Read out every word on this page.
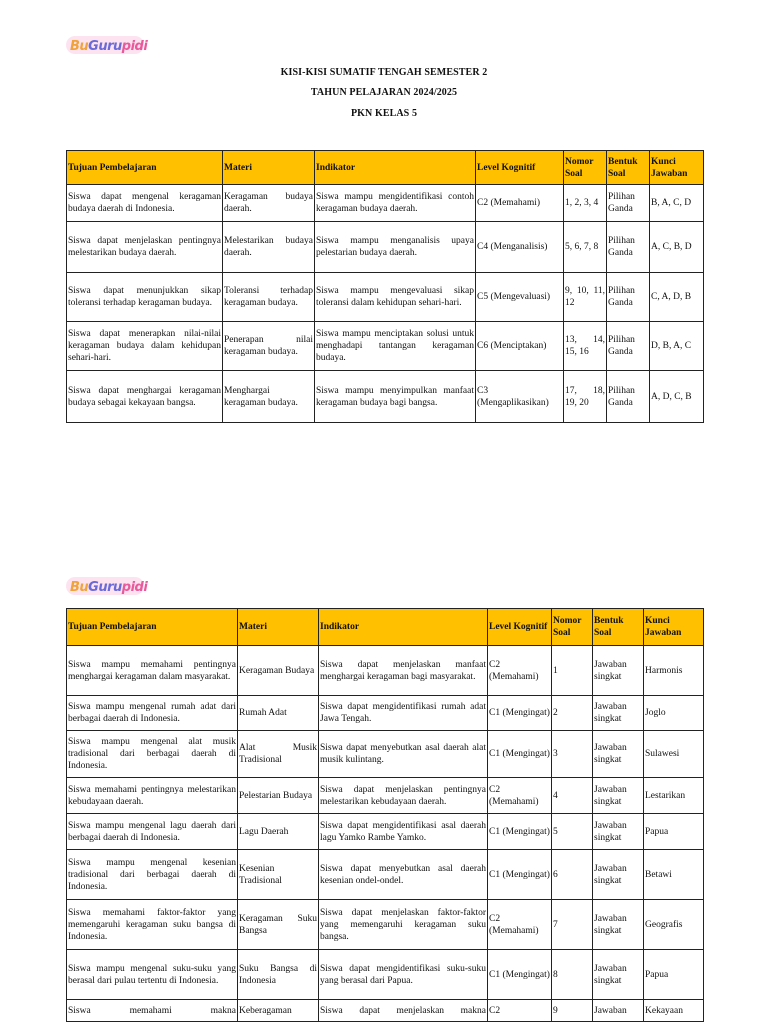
BuGurupidi
KISI-KISI SUMATIF TENGAH SEMESTER 2
TAHUN PELAJARAN 2024/2025
PKN KELAS 5
Tujuan Pembelajaran	Materi	Indikator	Level Kognitif	Nomor Soal	Bentuk Soal	Kunci Jawaban
Siswa dapat mengenal keragaman budaya daerah di Indonesia.	Keragaman budaya daerah.	Siswa mampu mengidentifikasi contoh keragaman budaya daerah.	C2 (Memahami)	1, 2, 3, 4	Pilihan Ganda	B, A, C, D
Siswa dapat menjelaskan pentingnya melestarikan budaya daerah.	Melestarikan budaya daerah.	Siswa mampu menganalisis upaya pelestarian budaya daerah.	C4 (Menganalisis)	5, 6, 7, 8	Pilihan Ganda	A, C, B, D
Siswa dapat menunjukkan sikap toleransi terhadap keragaman budaya.	Toleransi terhadap keragaman budaya.	Siswa mampu mengevaluasi sikap toleransi dalam kehidupan sehari-hari.	C5 (Mengevaluasi)	9, 10, 11, 12	Pilihan Ganda	C, A, D, B
Siswa dapat menerapkan nilai-nilai keragaman budaya dalam kehidupan sehari-hari.	Penerapan nilai keragaman budaya.	Siswa mampu menciptakan solusi untuk menghadapi tantangan keragaman budaya.	C6 (Menciptakan)	13, 14, 15, 16	Pilihan Ganda	D, B, A, C
Siswa dapat menghargai keragaman budaya sebagai kekayaan bangsa.	Menghargai keragaman budaya.	Siswa mampu menyimpulkan manfaat keragaman budaya bagi bangsa.	C3 (Mengaplikasikan)	17, 18, 19, 20	Pilihan Ganda	A, D, C, B
BuGurupidi
Tujuan Pembelajaran	Materi	Indikator	Level Kognitif	Nomor Soal	Bentuk Soal	Kunci Jawaban
Siswa mampu memahami pentingnya menghargai keragaman dalam masyarakat.	Keragaman Budaya	Siswa dapat menjelaskan manfaat menghargai keragaman bagi masyarakat.	C2 (Memahami)	1	Jawaban singkat	Harmonis
Siswa mampu mengenal rumah adat dari berbagai daerah di Indonesia.	Rumah Adat	Siswa dapat mengidentifikasi rumah adat Jawa Tengah.	C1 (Mengingat)	2	Jawaban singkat	Joglo
Siswa mampu mengenal alat musik tradisional dari berbagai daerah di Indonesia.	Alat Musik Tradisional	Siswa dapat menyebutkan asal daerah alat musik kulintang.	C1 (Mengingat)	3	Jawaban singkat	Sulawesi
Siswa memahami pentingnya melestarikan kebudayaan daerah.	Pelestarian Budaya	Siswa dapat menjelaskan pentingnya melestarikan kebudayaan daerah.	C2 (Memahami)	4	Jawaban singkat	Lestarikan
Siswa mampu mengenal lagu daerah dari berbagai daerah di Indonesia.	Lagu Daerah	Siswa dapat mengidentifikasi asal daerah lagu Yamko Rambe Yamko.	C1 (Mengingat)	5	Jawaban singkat	Papua
Siswa mampu mengenal kesenian tradisional dari berbagai daerah di Indonesia.	Kesenian Tradisional	Siswa dapat menyebutkan asal daerah kesenian ondel-ondel.	C1 (Mengingat)	6	Jawaban singkat	Betawi
Siswa memahami faktor-faktor yang memengaruhi keragaman suku bangsa di Indonesia.	Keragaman Suku Bangsa	Siswa dapat menjelaskan faktor-faktor yang memengaruhi keragaman suku bangsa.	C2 (Memahami)	7	Jawaban singkat	Geografis
Siswa mampu mengenal suku-suku yang berasal dari pulau tertentu di Indonesia.	Suku Bangsa di Indonesia	Siswa dapat mengidentifikasi suku-suku yang berasal dari Papua.	C1 (Mengingat)	8	Jawaban singkat	Papua
Siswa memahami makna	Keberagaman	Siswa dapat menjelaskan makna	C2	9	Jawaban	Kekayaan
